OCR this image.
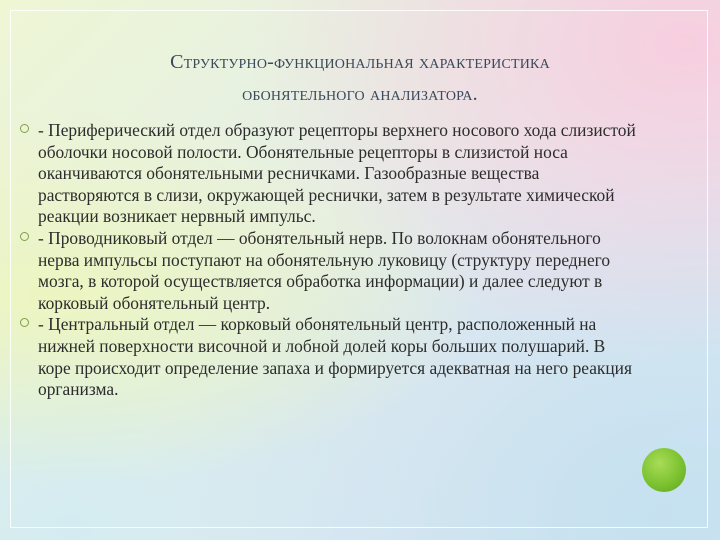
Структурно-функциональная характеристика
обонятельного анализатора.

- Периферический отдел образуют рецепторы верхнего носового хода слизистой оболочки носовой полости. Обонятельные рецепторы в слизистой носа оканчиваются обонятельными ресничками. Газообразные вещества растворяются в слизи, окружающей реснички, затем в результате химической реакции возникает нервный импульс.

- Проводниковый отдел — обонятельный нерв. По волокнам обонятельного нерва импульсы поступают на обонятельную луковицу (структуру переднего мозга, в которой осуществляется обработка информации) и далее следуют в корковый обонятельный центр.

- Центральный отдел — корковый обонятельный центр, расположенный на нижней поверхности височной и лобной долей коры больших полушарий. В коре происходит определение запаха и формируется адекватная на него реакция организма.
